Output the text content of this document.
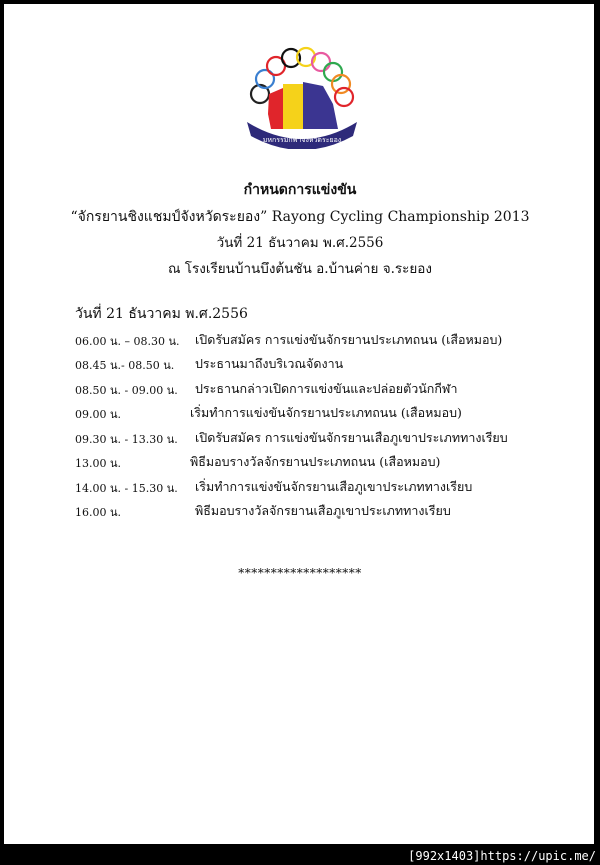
มหกรรมกีฬาจังหวัดระยอง
กำหนดการแข่งขัน
“จักรยานชิงแชมป์จังหวัดระยอง” Rayong Cycling Championship 2013
วันที่ 21 ธันวาคม พ.ศ.2556
ณ โรงเรียนบ้านบึงต้นชัน อ.บ้านค่าย จ.ระยอง
วันที่ 21 ธันวาคม พ.ศ.2556
06.00 น. – 08.30 น. เปิดรับสมัคร การแข่งขันจักรยานประเภทถนน (เสือหมอบ)
08.45 น.- 08.50 น. ประธานมาถึงบริเวณจัดงาน
08.50 น. - 09.00 น. ประธานกล่าวเปิดการแข่งขันและปล่อยตัวนักกีฬา
09.00 น.	เริ่มทำการแข่งขันจักรยานประเภทถนน (เสือหมอบ)
09.30 น. - 13.30 น. เปิดรับสมัคร การแข่งขันจักรยานเสือภูเขาประเภททางเรียบ
13.00 น.	พิธีมอบรางวัลจักรยานประเภทถนน (เสือหมอบ)
14.00 น. - 15.30 น. เริ่มทำการแข่งขันจักรยานเสือภูเขาประเภททางเรียบ
16.00 น.	พิธีมอบรางวัลจักรยานเสือภูเขาประเภททางเรียบ
*******************
[992x1403]https://upic.me/
